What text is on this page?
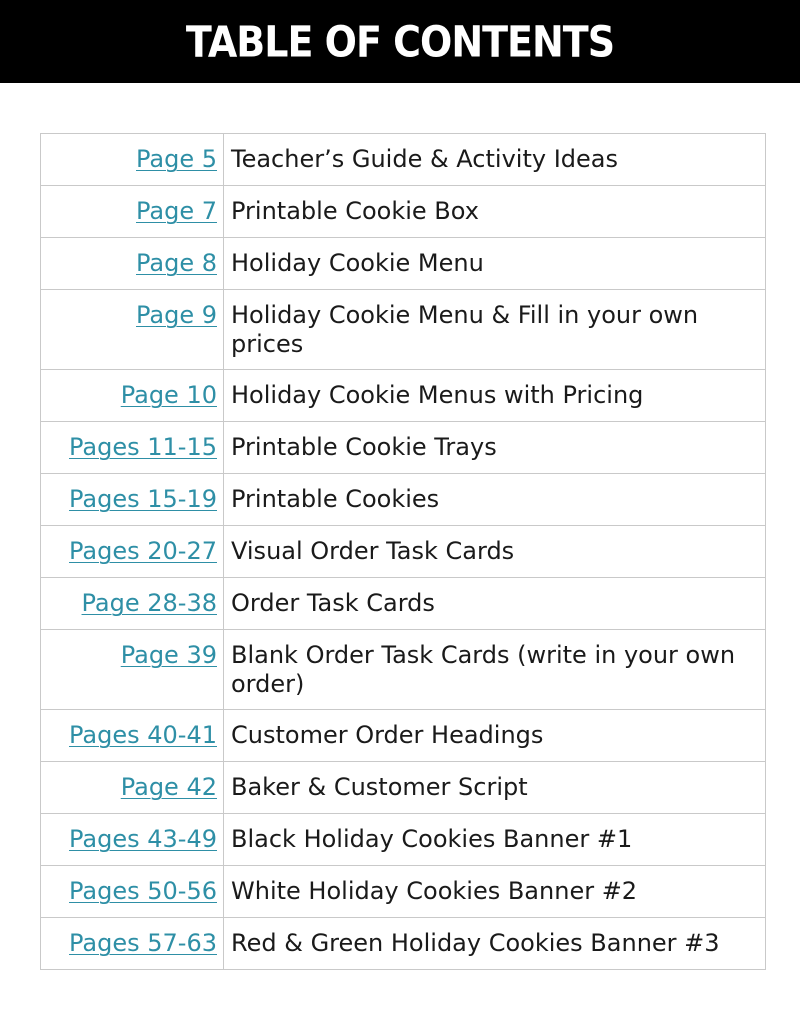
TABLE OF CONTENTS
Page 5	Teacher’s Guide & Activity Ideas
Page 7	Printable Cookie Box
Page 8	Holiday Cookie Menu
Page 9	Holiday Cookie Menu & Fill in your own prices
Page 10	Holiday Cookie Menus with Pricing
Pages 11-15	Printable Cookie Trays
Pages 15-19	Printable Cookies
Pages 20-27	Visual Order Task Cards
Page 28-38	Order Task Cards
Page 39	Blank Order Task Cards (write in your own order)
Pages 40-41	Customer Order Headings
Page 42	Baker & Customer Script
Pages 43-49	Black Holiday Cookies Banner #1
Pages 50-56	White Holiday Cookies Banner #2
Pages 57-63	Red & Green Holiday Cookies Banner #3
